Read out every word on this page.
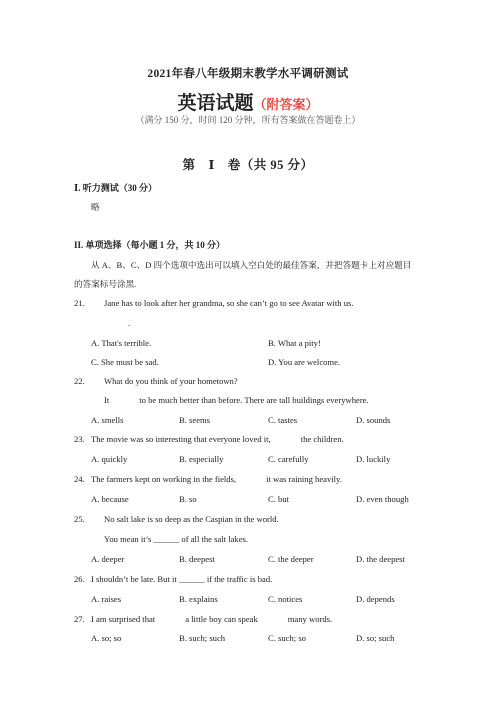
2021年春八年级期末教学水平调研测试
英语试题（附答案）
（满分 150 分，时间 120 分钟，所有答案做在答题卷上）
第　Ⅰ　卷（共 95 分）
Ⅰ. 听力测试（30 分）
略
II. 单项选择（每小题 1 分，共 10 分）
从 A、B、C、D 四个选项中选出可以填入空白处的最佳答案，并把答题卡上对应题目
的答案标号涂黑.
21. Jane has to look after her grandma, so she can’t go to see Avatar with us.
.
A. That's terrible.	B. What a pity!
C. She must be sad.	D. You are welcome.
22. What do you think of your hometown?
It	to be much better than before. There are tall buildings everywhere.
A. smells	B. seems	C. tastes	D. sounds
23. The movie was so interesting that everyone loved it,	the children.
A. quickly	B. especially	C. carefully	D. luckily
24. The farmers kept on working in the fields,	it was raining heavily.
A. because	B. so	C. but	D. even though
25. No salt lake is so deep as the Caspian in the world.
You mean it’s ______ of all the salt lakes.
A. deeper	B. deepest	C. the deeper	D. the deepest
26. I shouldn’t be late. But it ______ if the traffic is bad.
A. raises	B. explains	C. notices	D. depends
27. I am surprised that	a little boy can speak	many words.
A. so; so	B. such; such	C. such; so	D. so; such
